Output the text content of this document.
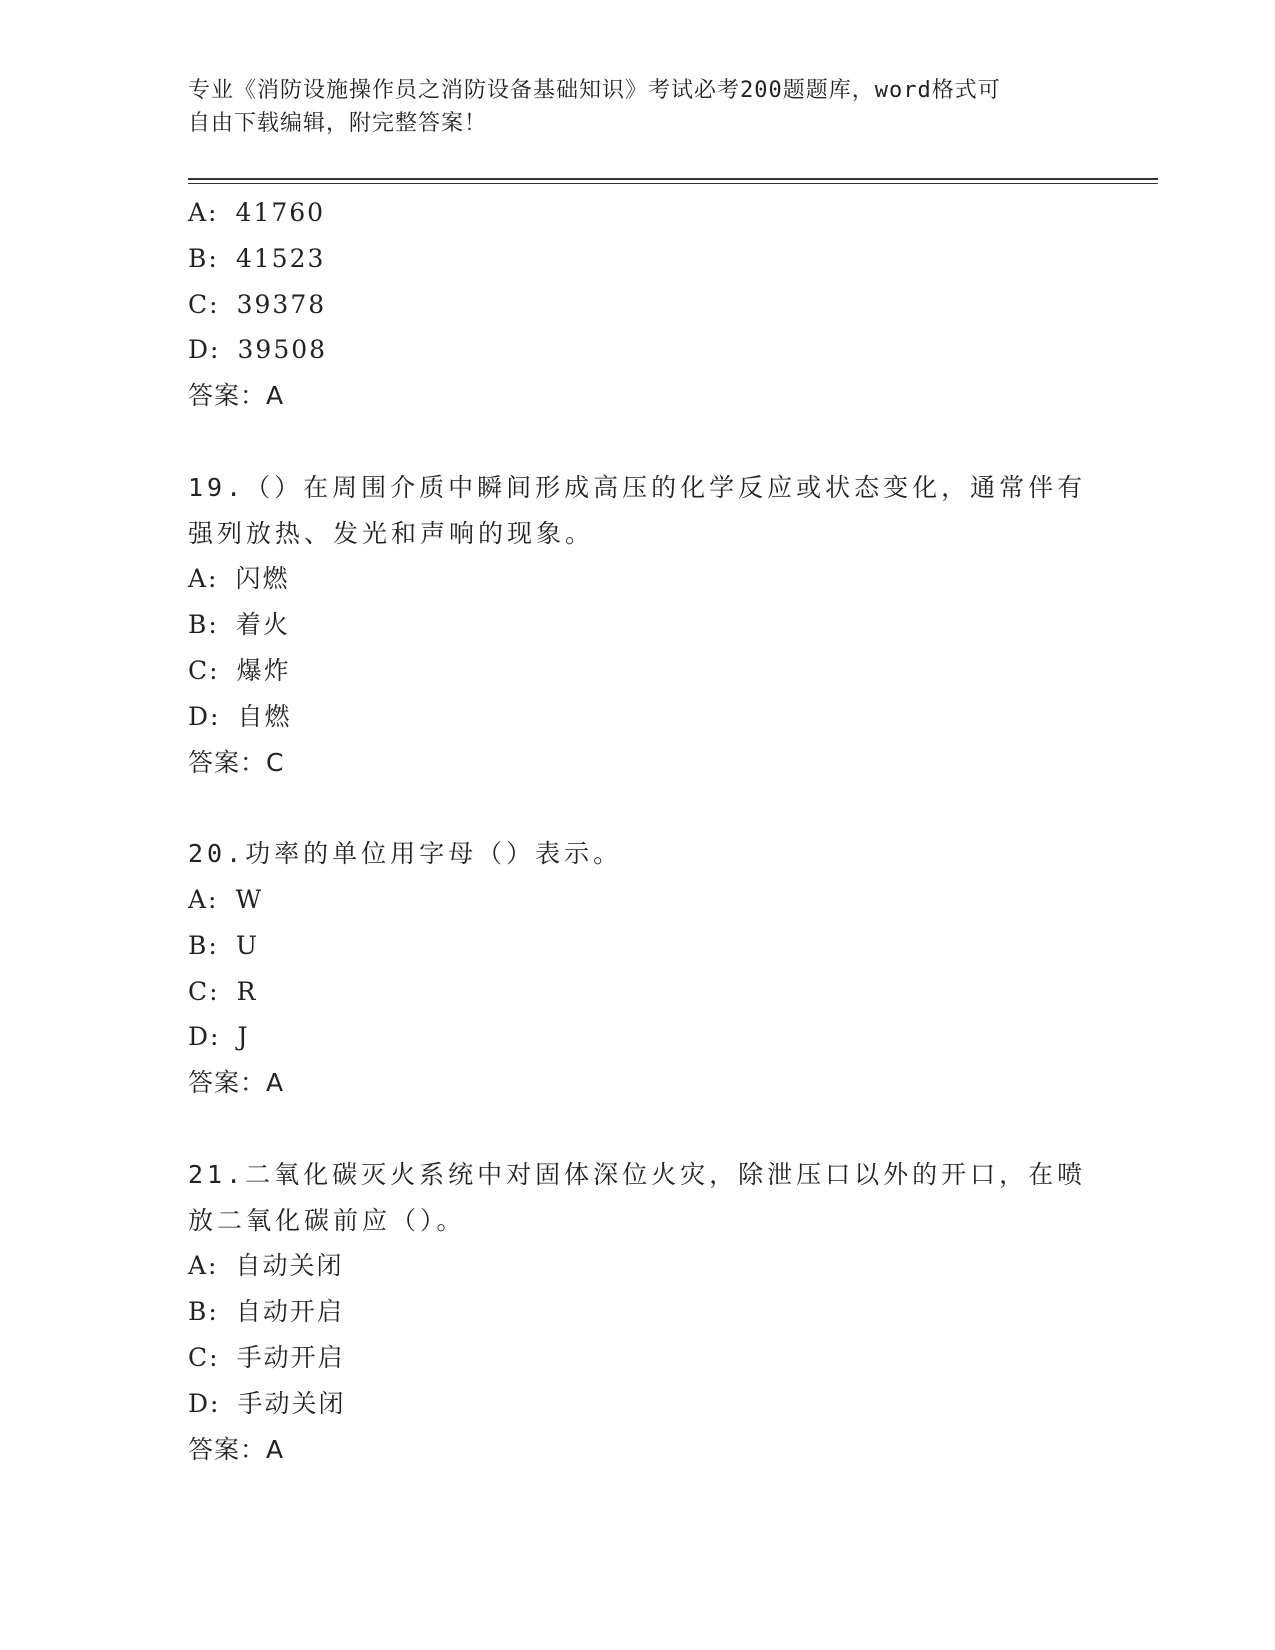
专业《消防设施操作员之消防设备基础知识》考试必考200题题库，word格式可
自由下载编辑，附完整答案！
A: 41760
B: 41523
C: 39378
D: 39508
答案：A
19.（）在周围介质中瞬间形成高压的化学反应或状态变化，通常伴有
强列放热、发光和声响的现象。
A: 闪燃
B: 着火
C: 爆炸
D: 自燃
答案：C
20.功率的单位用字母（）表示。
A: W
B: U
C: R
D: J
答案：A
21.二氧化碳灭火系统中对固体深位火灾，除泄压口以外的开口，在喷
放二氧化碳前应（）。
A: 自动关闭
B: 自动开启
C: 手动开启
D: 手动关闭
答案：A
